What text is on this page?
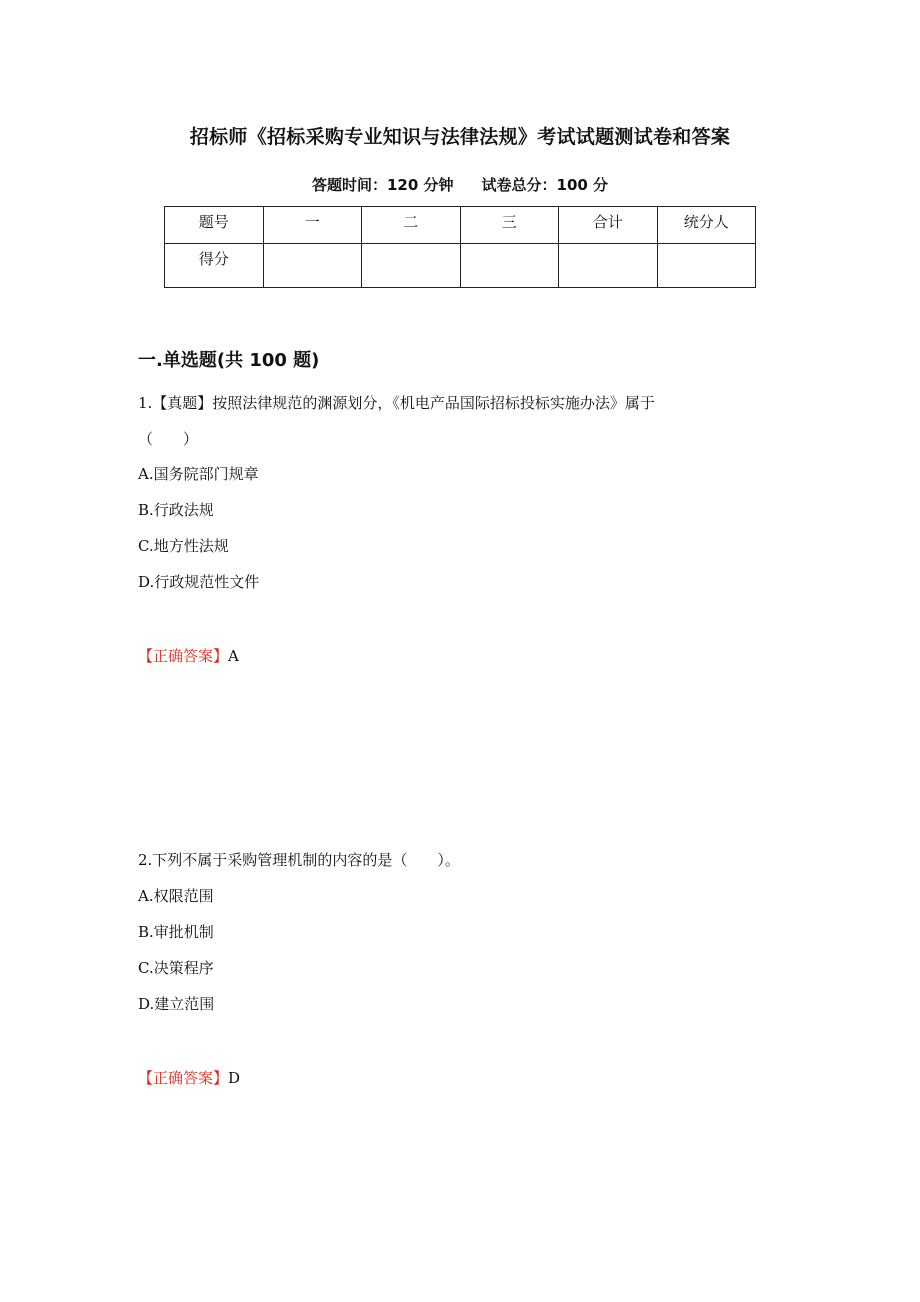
招标师《招标采购专业知识与法律法规》考试试题测试卷和答案
答题时间：120 分钟 试卷总分：100 分
题号	一	二	三	合计	统分人
得分					
一.单选题(共 100 题)
1.【真题】按照法律规范的渊源划分，《机电产品国际招标投标实施办法》属于
（　　）
A.国务院部门规章
B.行政法规
C.地方性法规
D.行政规范性文件
【正确答案】A
2.下列不属于采购管理机制的内容的是（　　）。
A.权限范围
B.审批机制
C.决策程序
D.建立范围
【正确答案】D
